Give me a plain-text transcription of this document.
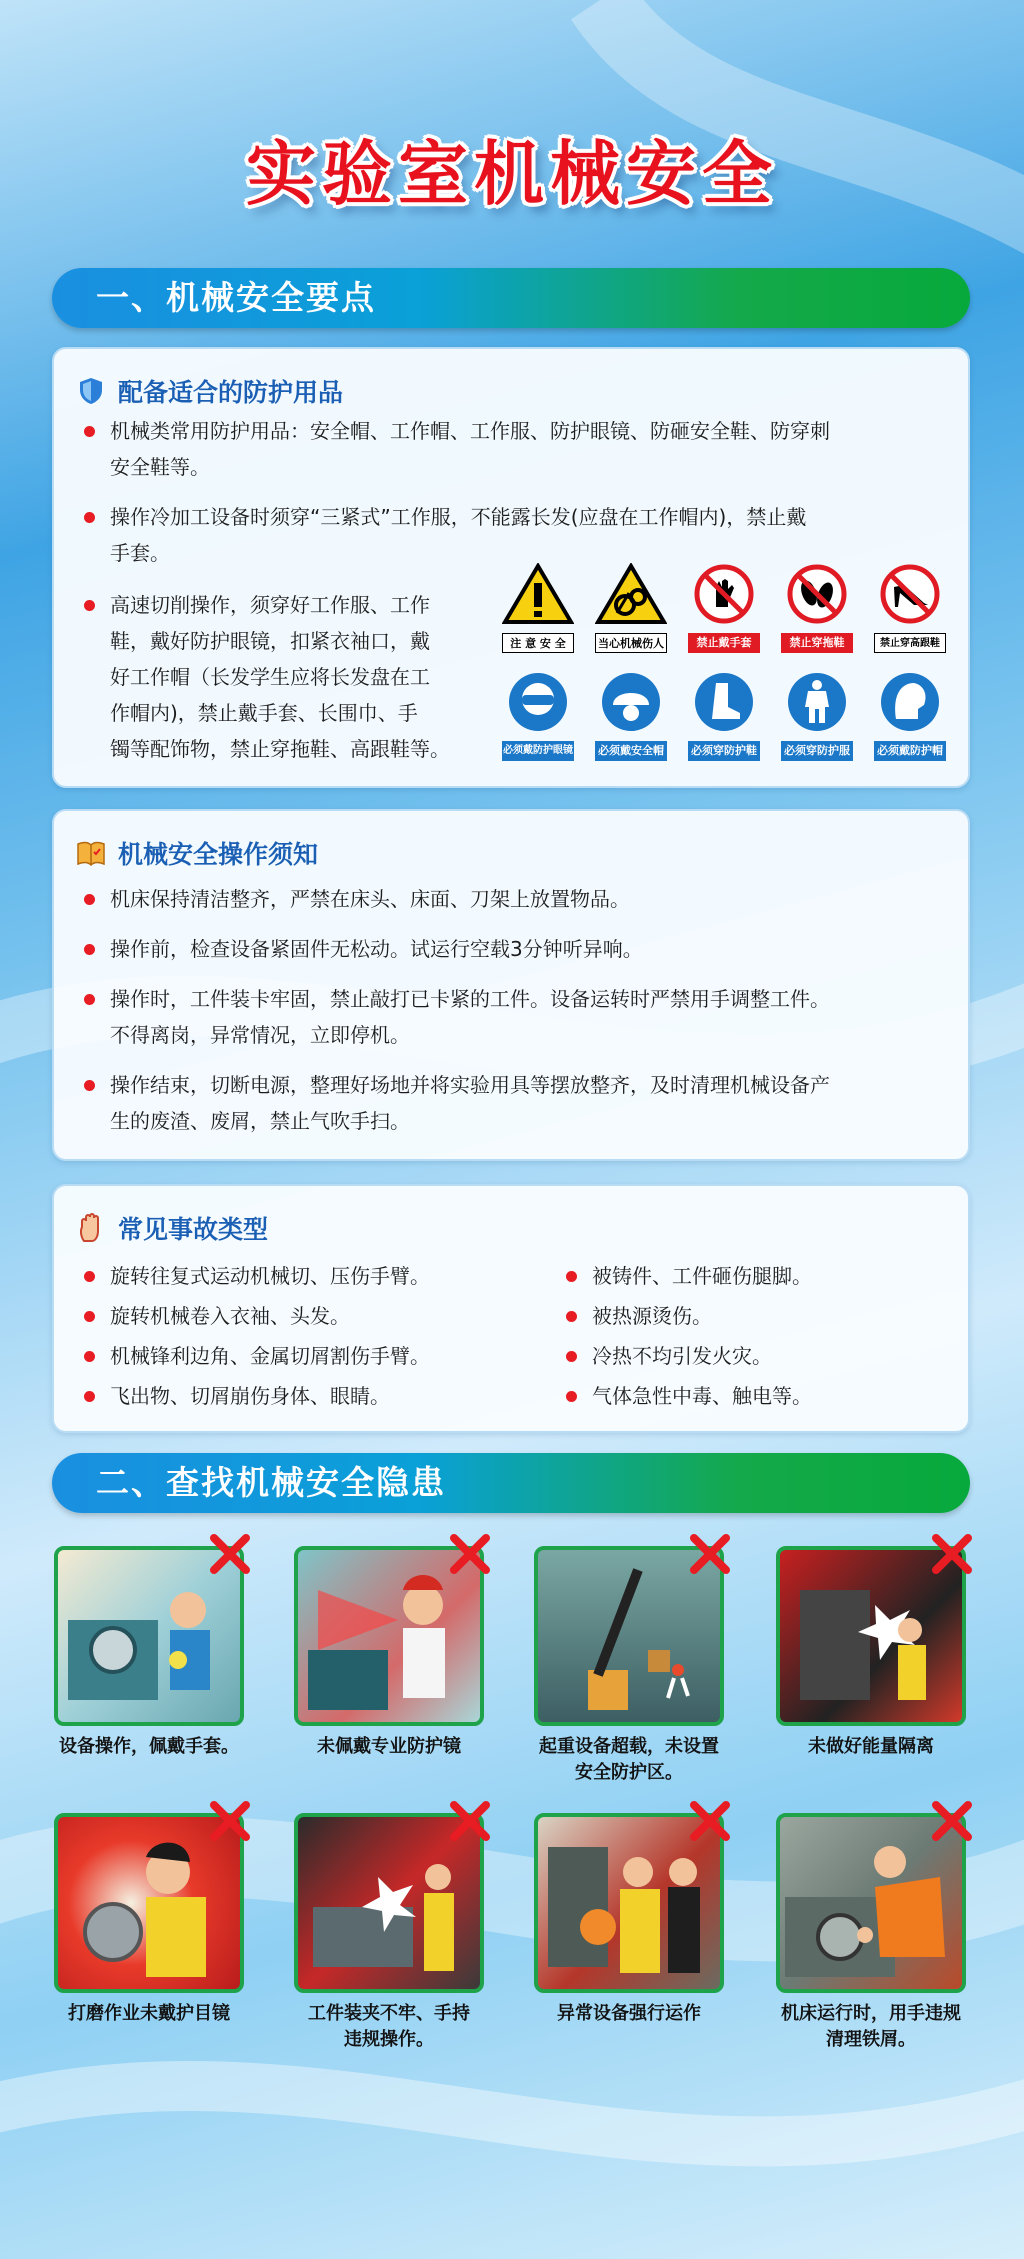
实验室机械安全
一、机械安全要点
配备适合的防护用品
机械类常用防护用品：安全帽、工作帽、工作服、防护眼镜、防砸安全鞋、防穿刺
安全鞋等。
操作冷加工设备时须穿“三紧式”工作服，不能露长发(应盘在工作帽内)，禁止戴
手套。
高速切削操作，须穿好工作服、工作
鞋，戴好防护眼镜，扣紧衣袖口，戴
好工作帽（长发学生应将长发盘在工
作帽内)，禁止戴手套、长围巾、手
镯等配饰物，禁止穿拖鞋、高跟鞋等。
注 意 安 全	当心机械伤人	禁止戴手套	禁止穿拖鞋	禁止穿高跟鞋
必须戴防护眼镜 必须戴安全帽 必须穿防护鞋 必须穿防护服 必须戴防护帽
机械安全操作须知
机床保持清洁整齐，严禁在床头、床面、刀架上放置物品。
操作前，检查设备紧固件无松动。试运行空载3分钟听异响。
操作时，工件装卡牢固，禁止敲打已卡紧的工件。设备运转时严禁用手调整工件。
不得离岗，异常情况，立即停机。
操作结束，切断电源，整理好场地并将实验用具等摆放整齐，及时清理机械设备产
生的废渣、废屑，禁止气吹手扫。
常见事故类型
旋转往复式运动机械切、压伤手臂。
旋转机械卷入衣袖、头发。
机械锋利边角、金属切屑割伤手臂。
飞出物、切屑崩伤身体、眼睛。
被铸件、工件砸伤腿脚。
被热源烫伤。
冷热不均引发火灾。
气体急性中毒、触电等。
二、查找机械安全隐患
设备操作，佩戴手套。	未佩戴专业防护镜	起重设备超载，未设置
安全防护区。
未做好能量隔离
打磨作业未戴护目镜	工件装夹不牢、手持
违规操作。
异常设备强行运作	机床运行时，用手违规
清理铁屑。
